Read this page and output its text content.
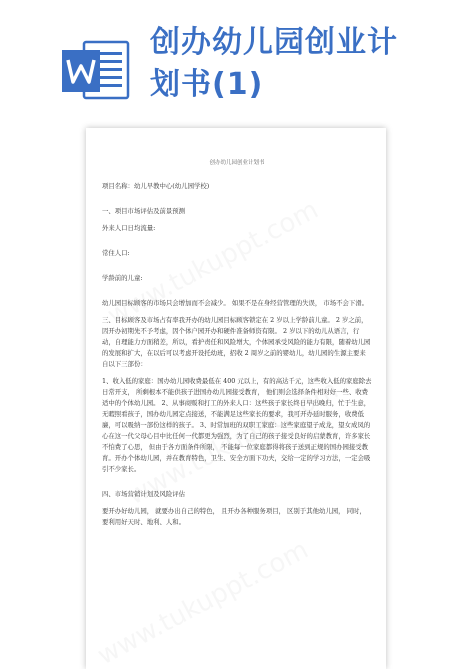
创办幼儿园创业计
划书(1)
创办幼儿园创业计划书

项目名称：幼儿早教中心(幼儿园学校)

一、项目市场评估及前景预测

外来人口日均流量:

常住人口:

学龄前的儿童:

幼儿园目标顾客的市场只会增加而不会减少。 如果不是在身经营管理的失误， 市场不会下滑。

三、目标顾客及市场占有率我开办的幼儿园目标顾客锁定在 2 岁以上学龄前儿童。 2 岁之前，因开办初期先不予考虑，因个体户园开办和硬件准备师资有限。 2 岁以下的幼儿从语言，行动，自理能力方面稍差，所以，看护责任和风险增大，个体园承受风险的能力有限，随着幼儿园的发展和扩大，在以后可以考虑开设托幼班，招收 2 周岁之前的婴幼儿，幼儿园的生源主要来自以下三部份：

1、收入低的家庭：国办幼儿园收费最低在 400 元以上，有的高达千元，这些收入低的家庭除去日常开支， 所剩根本不能供孩子进国办幼儿园接受教育， 他们则会选择条件相对好一些、收费适中的个体幼儿园。 2、从事商贩和打工的外来人口：这些孩子家长终日早出晚归，忙于生意，无暇照看孩子，国办幼儿园定点接送，不能满足这些家长的要求，我可开办延时服务，收费低廉，可以吸纳一部份这样的孩子。 3、时常加班的双职工家庭：这些家庭望子成龙，望女成凤的心在这一代父母心目中比任何一代都更为强烈，为了自己的孩子接受良好的启蒙教育，许多家长不怕费了心思， 但由于各方面条件所限， 不能每一位家庭都得将孩子送到正规的国办园接受教育。开办个体幼儿园，并在教育特色，卫生、安全方面下功夫，交给一定的学习方法，一定会吸引不少家长。

四、市场营销计划及风险评估

要开办好幼儿园， 就要办出自己的特色， 且开办各种服务项目， 区别于其他幼儿园， 同时，要利用好天时、地利、人和。
